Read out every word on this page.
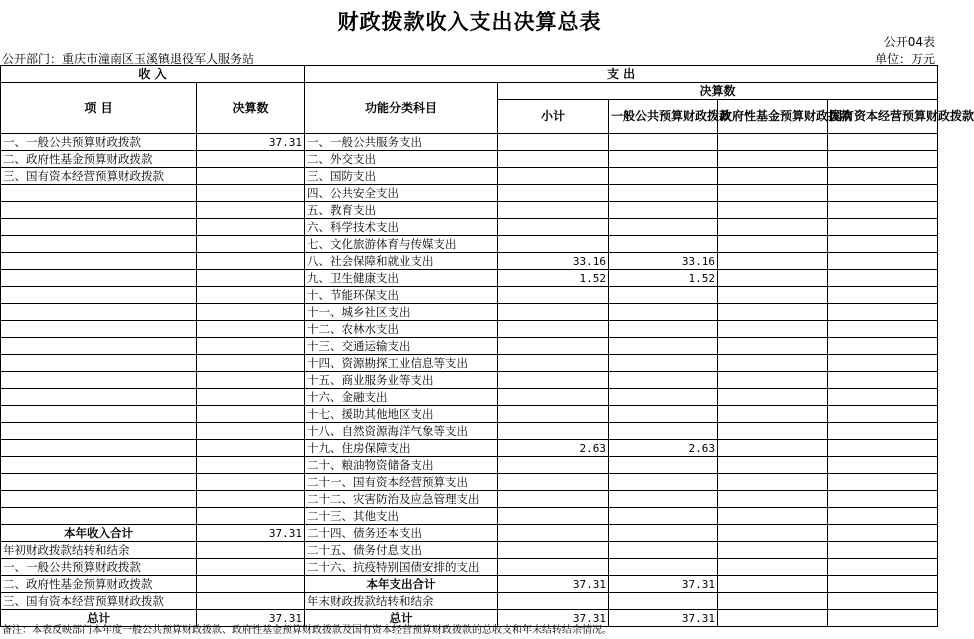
财政拨款收入支出决算总表
公开04表
公开部门：重庆市潼南区玉溪镇退役军人服务站	单位：万元
收 入		支 出				
项 目	决算数	功能分类科目	决算数			
			小计	一般公共预算财政拨款	政府性基金预算财政拨款	国有资本经营预算财政拨款
一、一般公共预算财政拨款	37.31	一、一般公共服务支出				
二、政府性基金预算财政拨款		二、外交支出				
三、国有资本经营预算财政拨款		三、国防支出				
		四、公共安全支出				
		五、教育支出				
		六、科学技术支出				
		七、文化旅游体育与传媒支出				
		八、社会保障和就业支出	33.16	33.16		
		九、卫生健康支出	1.52	1.52		
		十、节能环保支出				
		十一、城乡社区支出				
		十二、农林水支出				
		十三、交通运输支出				
		十四、资源勘探工业信息等支出				
		十五、商业服务业等支出				
		十六、金融支出				
		十七、援助其他地区支出				
		十八、自然资源海洋气象等支出				
		十九、住房保障支出	2.63	2.63		
		二十、粮油物资储备支出				
		二十一、国有资本经营预算支出				
		二十二、灾害防治及应急管理支出				
		二十三、其他支出				
本年收入合计	37.31	二十四、债务还本支出				
年初财政拨款结转和结余		二十五、债务付息支出				
一、一般公共预算财政拨款		二十六、抗疫特别国债安排的支出				
二、政府性基金预算财政拨款		本年支出合计	37.31	37.31		
三、国有资本经营预算财政拨款		年末财政拨款结转和结余				
总计	37.31	总计	37.31	37.31		
备注：本表反映部门本年度一般公共预算财政拨款、政府性基金预算财政拨款及国有资本经营预算财政拨款的总收支和年末结转结余情况。
